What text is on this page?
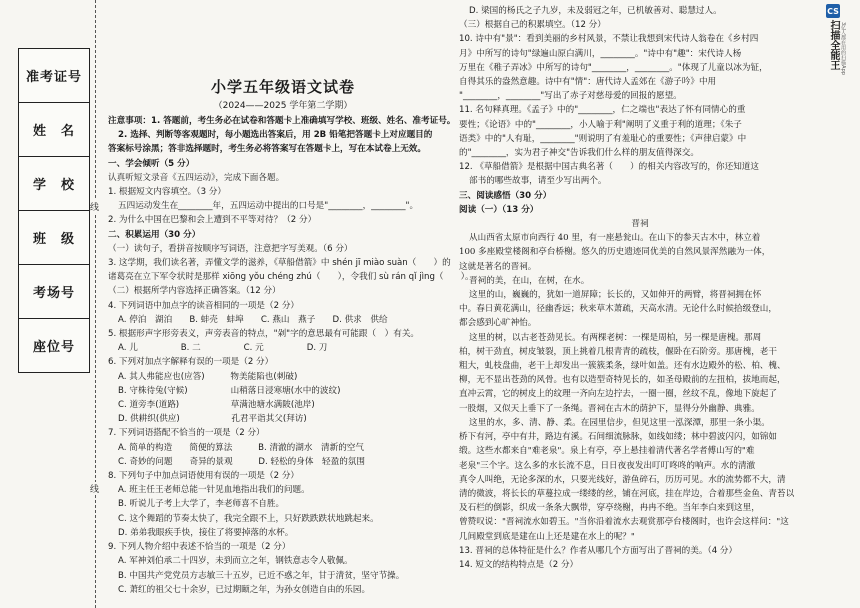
准考证号
姓　名
学　校
班　级
考场号
座位号
线
线
小学五年级语文试卷
（2024——2025 学年第二学期）

注意事项：1. 答题前，考生务必在试卷和答题卡上准确填写学校、班级、姓名、准考证号。

2. 选择、判断等客观题时，每小题选出答案后，用 2B 铅笔把答题卡上对应题目的

答案标号涂黑；答非选择题时，考生务必将答案写在答题卡上，写在本试卷上无效。

一、学会倾听（5 分）

认真听短文录音《五四运动》，完成下面各题。

1. 根据短文内容填空。（3 分）

五四运动发生在________年，五四运动中提出的口号是"________，________"。

2. 为什么中国在巴黎和会上遭到不平等对待？（2 分）

二、积累运用（30 分）

（一）读句子，看拼音按顺序写词语，注意把字写美观。（6 分）

3. 这学期，我们读名著，弄懂文学的滋养，《草船借箭》中 shén jī miào suàn（　　）的

诸葛亮在立下军令状时是那样 xiōng yǒu chéng zhú（　　），令我们 sù rán qǐ jìng（　　）。

（二）根据所学内容选择正确答案。（12 分）

4. 下列词语中加点字的读音相同的一项是（2 分）

A. 停泊　湖泊　　B. 蚌壳　蚌埠　　C. 燕山　燕子　　D. 供求　供给

5. 根据形声字形旁表义，声旁表音的特点，"剁"字的意思最有可能跟（　）有关。

A. 儿　　　　　B. 二　　　　　C. 元　　　　　D. 刀

6. 下列对加点字解释有误的一项是（2 分）

A. 其人弗能应也(应答)　　　物美能陷也(刺破)

B. 守株待兔(守候)　　　　　山稍落日浸寒塘(水中的波纹)

C. 道旁李(道路)　　　　　　草满池塘水满陂(池岸)

D. 供耕织(供应)　　　　　　孔君平诣其父(拜访)

7. 下列词语搭配不恰当的一项是（2 分）

A. 简单的构造　　简便的算法　　　B. 清澈的湖水　清新的空气

C. 奇妙的问题　　奇异的景观　　　D. 轻松的身体　轻盈的氛围

8. 下列句子中加点词语使用有误的一项是（2 分）

A. 班主任王老师总能一针见血地指出我们的问题。

B. 听说儿子考上大学了，李老师喜不自胜。

C. 这个舞蹈的节奏太快了，我完全跟不上，只好跌跌跌状地跳起来。

D. 弟弟我眼疾手快，接住了将要掉落的水杯。

9. 下列人物介绍中表述不恰当的一项是（2 分）

A. 军神刘伯承二十四岁，未到而立之年，钢铁意志令人敬佩。

B. 中国共产党党员方志敏三十五岁，已近不惑之年，甘于清贫，坚守节操。

C. 萧红的祖父七十余岁，已过期颐之年，为孙女创造自由的乐园。

D. 梁国的杨氏之子九岁，未及弱冠之年，已机敏善对、聪慧过人。

（三）根据自己的积累填空。（12 分）

10. 诗中有"景"：看到美丽的乡村风景，不禁让我想到宋代诗人翁卷在《乡村四

月》中所写的诗句"绿遍山原白满川，________。"诗中有"趣"：宋代诗人杨

万里在《稚子弄冰》中所写的诗句"________，________。"体现了儿童以冰为钲，

自得其乐的盎然意趣。诗中有"情"：唐代诗人孟郊在《游子吟》中用

"________，________"写出了赤子对慈母爱的回报的愿望。

11. 名句释真理。《孟子》中的"________，仁之端也"表达了怀有同情心的重

要性；《论语》中的"________，小人喻于利"阐明了义重于利的道理；《朱子

语类》中的"人有耻，________"则说明了有羞耻心的重要性；《声律启蒙》中

的"________，实为君子神交"告诉我们什么样的朋友值得深交。

12. 《草船借箭》是根据中国古典名著（　　）的相关内容改写的，你还知道这

部书的哪些故事，请至少写出两个。

三、阅读感悟（30 分）

阅读（一）（13 分）

晋祠

从山西省太原市向西行 40 里，有一座悬瓮山。在山下的参天古木中，林立着

100 多座殿堂楼阁和亭台桥榭。悠久的历史遗迹同优美的自然风景浑然融为一体，

这就是著名的晋祠。

晋祠的美，在山，在树，在水。

这里的山，巍巍的，犹如一道屏障；长长的，又如伸开的两臂，将晋祠拥在怀

中。春日黄花满山，径幽香远；秋来草木萧疏，天高水清。无论什么时候拾级登山，

都会感到心旷神怡。

这里的树，以古老苍劲见长。有两棵老树：一棵是周柏，另一棵是唐槐。那周

柏，树干劲直，树皮皱裂，顶上挑着几根青青的疏枝，偃卧在石阶旁。那唐槐，老干

粗大，虬枝盘曲，老干上却发出一簇簇柔条，绿叶如盖。还有水边殿外的松、柏、槐、

柳，无不显出苍劲的风骨。也有以造型奇特见长的，如圣母殿前的左扭柏，拔地而起，

直冲云霄，它的树皮上的纹理一齐向左边拧去，一圈一圈，丝纹不乱，像地下旋起了

一股烟，又似天上垂下了一条绳。晋祠在古木的荫护下，显得分外幽静、典雅。

这里的水，多、清、静、柔。在园里信步，但见这里一泓深潭，那里一条小渠。

桥下有河，亭中有井，路边有溪。石间细流脉脉，如线如缕；林中碧波闪闪，如锦如

缎。这些水都来自"难老泉"。泉上有亭，亭上悬挂着清代著名学者傅山写的"难

老泉"三个字。这么多的水长流不息，日日夜夜发出叮叮咚咚的响声。水的清澈

真令人叫绝，无论多深的水，只要光线好，游鱼碎石，历历可见。水的流势都不大，清

清的微波，将长长的草蔓拉成一缕缕的丝，铺在河底，挂在岸边，合着那些金鱼、青苔以

及石栏的倒影，织成一条条大飘带，穿亭绕榭，冉冉不绝。当年李白来到这里，

曾赞叹说："晋祠流水如碧玉。"当你沿着流水去观赏那亭台楼阁时，也许会这样问："这

几间殿堂到底是建在山上还是建在水上的呢？"

13. 晋祠的总体特征是什么？作者从哪几个方面写出了晋祠的美。（4 分）

14. 短文的结构特点是（2 分）

CS
扫描全能王 3亿人都在用的扫描App
